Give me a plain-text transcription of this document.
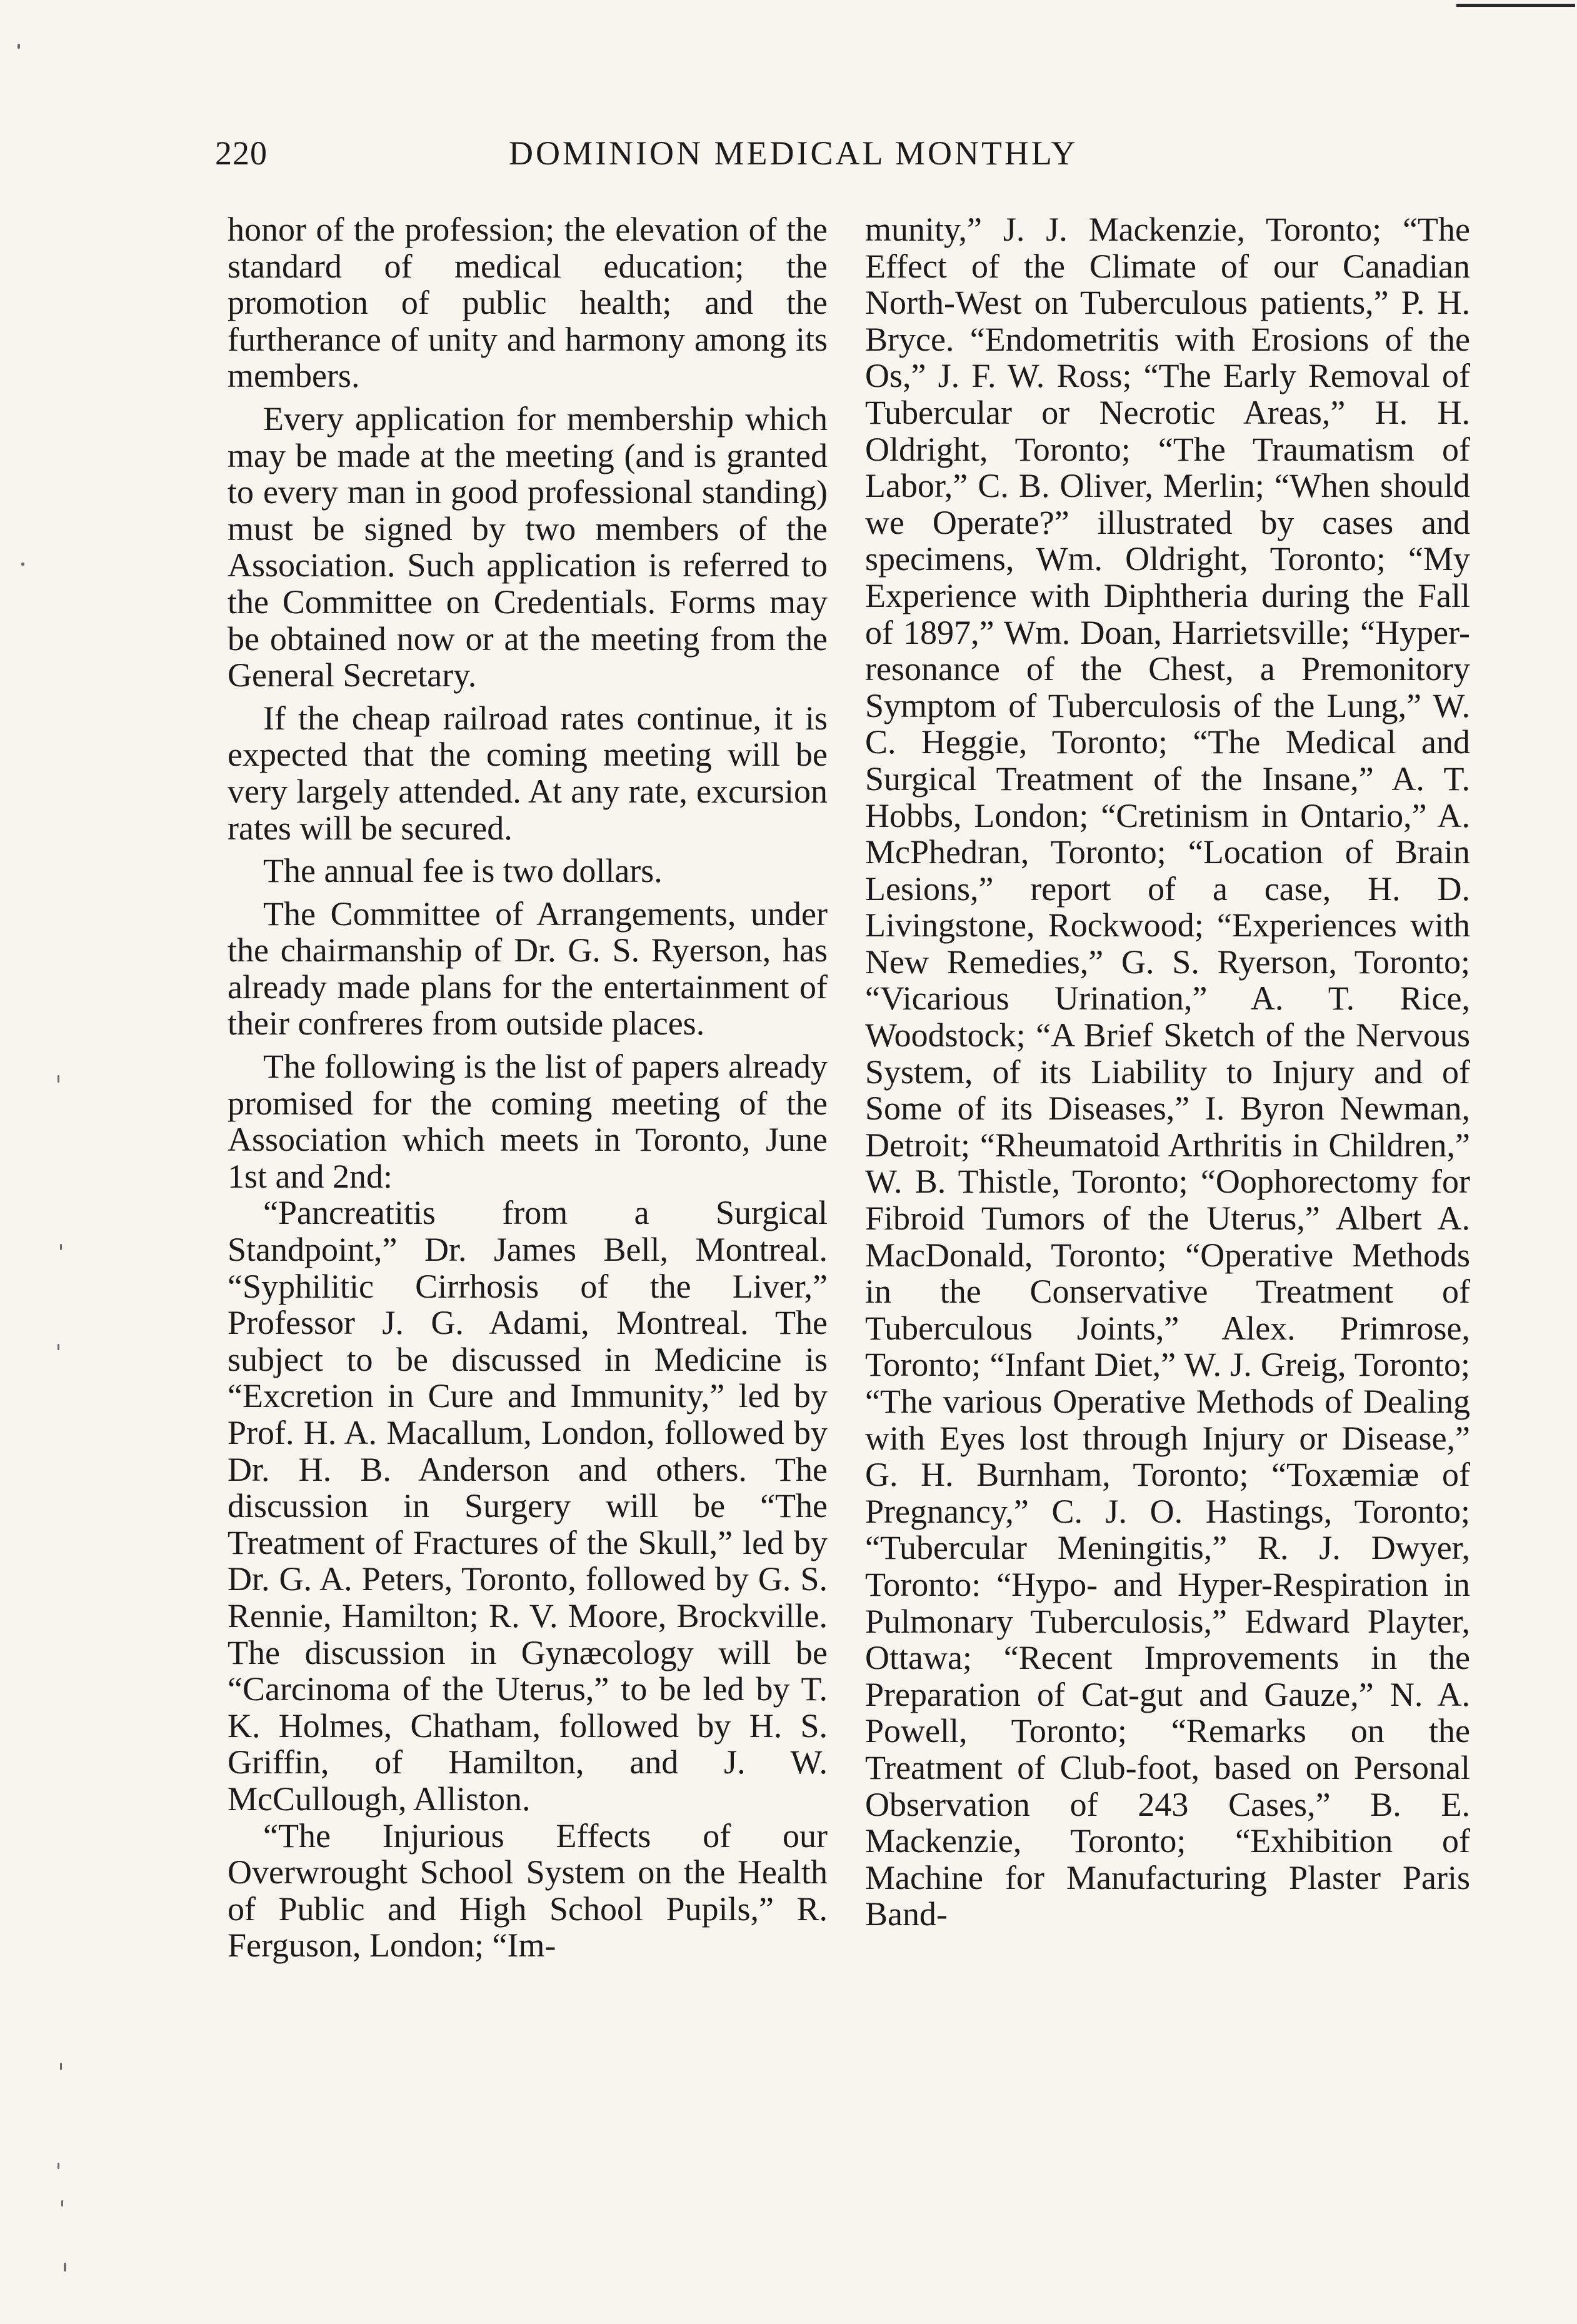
220	DOMINION MEDICAL MONTHLY

honor of the profession; the elevation of the standard of medical education; the promotion of public health; and the furtherance of unity and harmony among its members.

Every application for membership which may be made at the meeting (and is granted to every man in good professional standing) must be signed by two members of the Association. Such application is referred to the Committee on Credentials. Forms may be obtained now or at the meeting from the General Secretary.

If the cheap railroad rates continue, it is expected that the coming meeting will be very largely attended. At any rate, excursion rates will be secured.

The annual fee is two dollars.

The Committee of Arrangements, under the chairmanship of Dr. G. S. Ryerson, has already made plans for the entertainment of their confreres from outside places.

The following is the list of papers already promised for the coming meeting of the Association which meets in Toronto, June 1st and 2nd:

“Pancreatitis from a Surgical Standpoint,” Dr. James Bell, Montreal. “Syphilitic Cirrhosis of the Liver,” Professor J. G. Adami, Montreal. The subject to be discussed in Medicine is “Excretion in Cure and Immunity,” led by Prof. H. A. Macallum, London, followed by Dr. H. B. Anderson and others. The discussion in Surgery will be “The Treatment of Fractures of the Skull,” led by Dr. G. A. Peters, Toronto, followed by G. S. Rennie, Hamilton; R. V. Moore, Brockville. The discussion in Gynæcology will be “Carcinoma of the Uterus,” to be led by T. K. Holmes, Chatham, followed by H. S. Griffin, of Hamilton, and J. W. McCullough, Alliston.

“The Injurious Effects of our Overwrought School System on the Health of Public and High School Pupils,” R. Ferguson, London; “Im-

munity,” J. J. Mackenzie, Toronto; “The Effect of the Climate of our Canadian North-West on Tuberculous patients,” P. H. Bryce. “Endometritis with Erosions of the Os,” J. F. W. Ross; “The Early Removal of Tubercular or Necrotic Areas,” H. H. Oldright, Toronto; “The Traumatism of Labor,” C. B. Oliver, Merlin; “When should we Operate?” illustrated by cases and specimens, Wm. Oldright, Toronto; “My Experience with Diphtheria during the Fall of 1897,” Wm. Doan, Harrietsville; “Hyper-resonance of the Chest, a Premonitory Symptom of Tuberculosis of the Lung,” W. C. Heggie, Toronto; “The Medical and Surgical Treatment of the Insane,” A. T. Hobbs, London; “Cretinism in Ontario,” A. McPhedran, Toronto; “Location of Brain Lesions,” report of a case, H. D. Livingstone, Rockwood; “Experiences with New Remedies,” G. S. Ryerson, Toronto; “Vicarious Urination,” A. T. Rice, Woodstock; “A Brief Sketch of the Nervous System, of its Liability to Injury and of Some of its Diseases,” I. Byron Newman, Detroit; “Rheumatoid Arthritis in Children,” W. B. Thistle, Toronto; “Oophorectomy for Fibroid Tumors of the Uterus,” Albert A. MacDonald, Toronto; “Operative Methods in the Conservative Treatment of Tuberculous Joints,” Alex. Primrose, Toronto; “Infant Diet,” W. J. Greig, Toronto; “The various Operative Methods of Dealing with Eyes lost through Injury or Disease,” G. H. Burnham, Toronto; “Toxæmiæ of Pregnancy,” C. J. O. Hastings, Toronto; “Tubercular Meningitis,” R. J. Dwyer, Toronto: “Hypo- and Hyper-Respiration in Pulmonary Tuberculosis,” Edward Playter, Ottawa; “Recent Improvements in the Preparation of Cat-gut and Gauze,” N. A. Powell, Toronto; “Remarks on the Treatment of Club-foot, based on Personal Observation of 243 Cases,” B. E. Mackenzie, Toronto; “Exhibition of Machine for Manufacturing Plaster Paris Band-
